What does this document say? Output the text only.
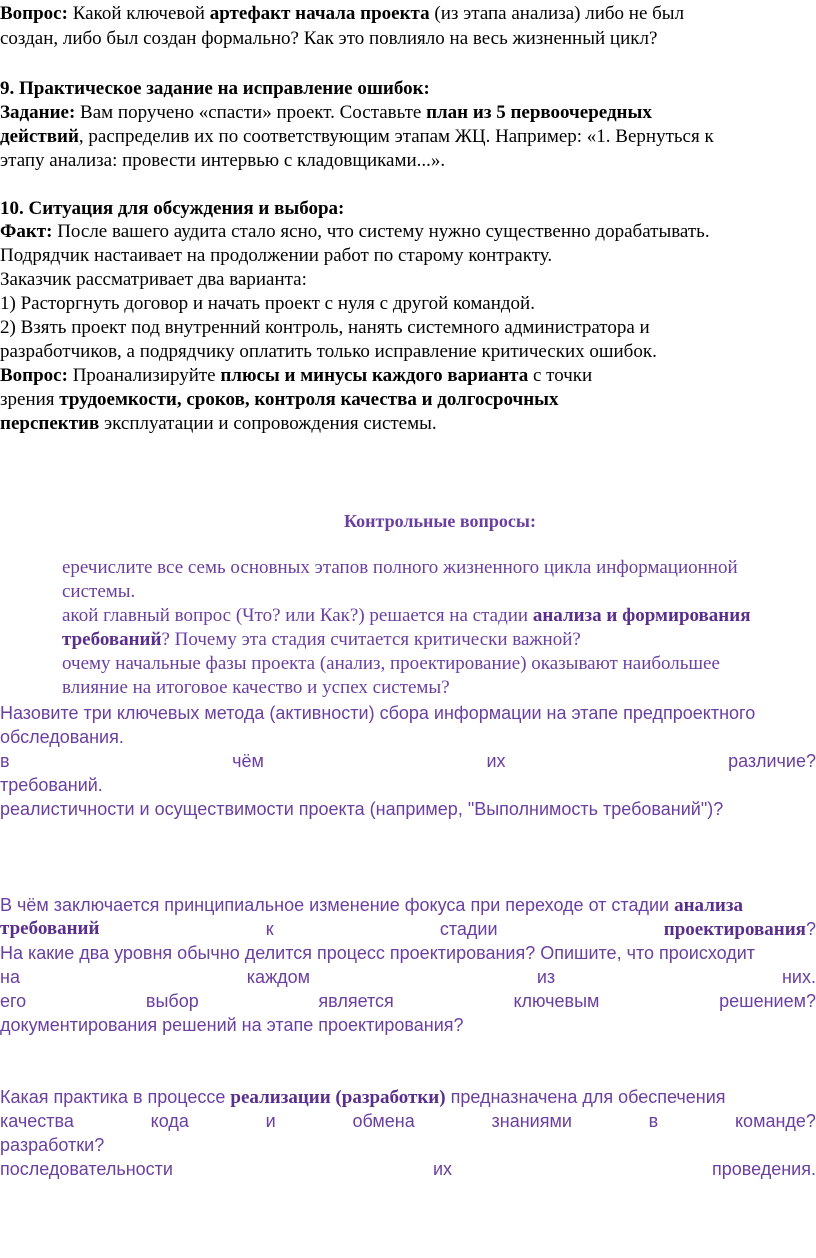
Вопрос: Какой ключевой артефакт начала проекта (из этапа анализа) либо не был
создан, либо был создан формально? Как это повлияло на весь жизненный цикл?
9. Практическое задание на исправление ошибок:
Задание: Вам поручено «спасти» проект. Составьте план из 5 первоочередных
действий, распределив их по соответствующим этапам ЖЦ. Например: «1. Вернуться к
этапу анализа: провести интервью с кладовщиками...».
10. Ситуация для обсуждения и выбора:
Факт: После вашего аудита стало ясно, что систему нужно существенно дорабатывать.
Подрядчик настаивает на продолжении работ по старому контракту.
Заказчик рассматривает два варианта:
1) Расторгнуть договор и начать проект с нуля с другой командой.
2) Взять проект под внутренний контроль, нанять системного администратора и
разработчиков, а подрядчику оплатить только исправление критических ошибок.
Вопрос: Проанализируйте плюсы и минусы каждого варианта с точки
зрения трудоемкости, сроков, контроля качества и долгосрочных
перспектив эксплуатации и сопровождения системы.
Контрольные вопросы:
еречислите все семь основных этапов полного жизненного цикла информационной
системы.
акой главный вопрос (Что? или Как?) решается на стадии анализа и формирования
требований? Почему эта стадия считается критически важной?
очему начальные фазы проекта (анализ, проектирование) оказывают наибольшее
влияние на итоговое качество и успех системы?
Назовите три ключевых метода (активности) сбора информации на этапе предпроектного
обследования.
в	чём	их	различие?
требований.
реалистичности и осуществимости проекта (например, "Выполнимость требований")?
В чём заключается принципиальное изменение фокуса при переходе от стадии анализа
требований	к	стадии	проектирования?
На какие два уровня обычно делится процесс проектирования? Опишите, что происходит
на	каждом	из	них.
его	выбор	является	ключевым	решением?
документирования решений на этапе проектирования?
Какая практика в процессе реализации (разработки) предназначена для обеспечения
качества	кода	и	обмена	знаниями	в	команде?
разработки?
последовательности	их	проведения.
